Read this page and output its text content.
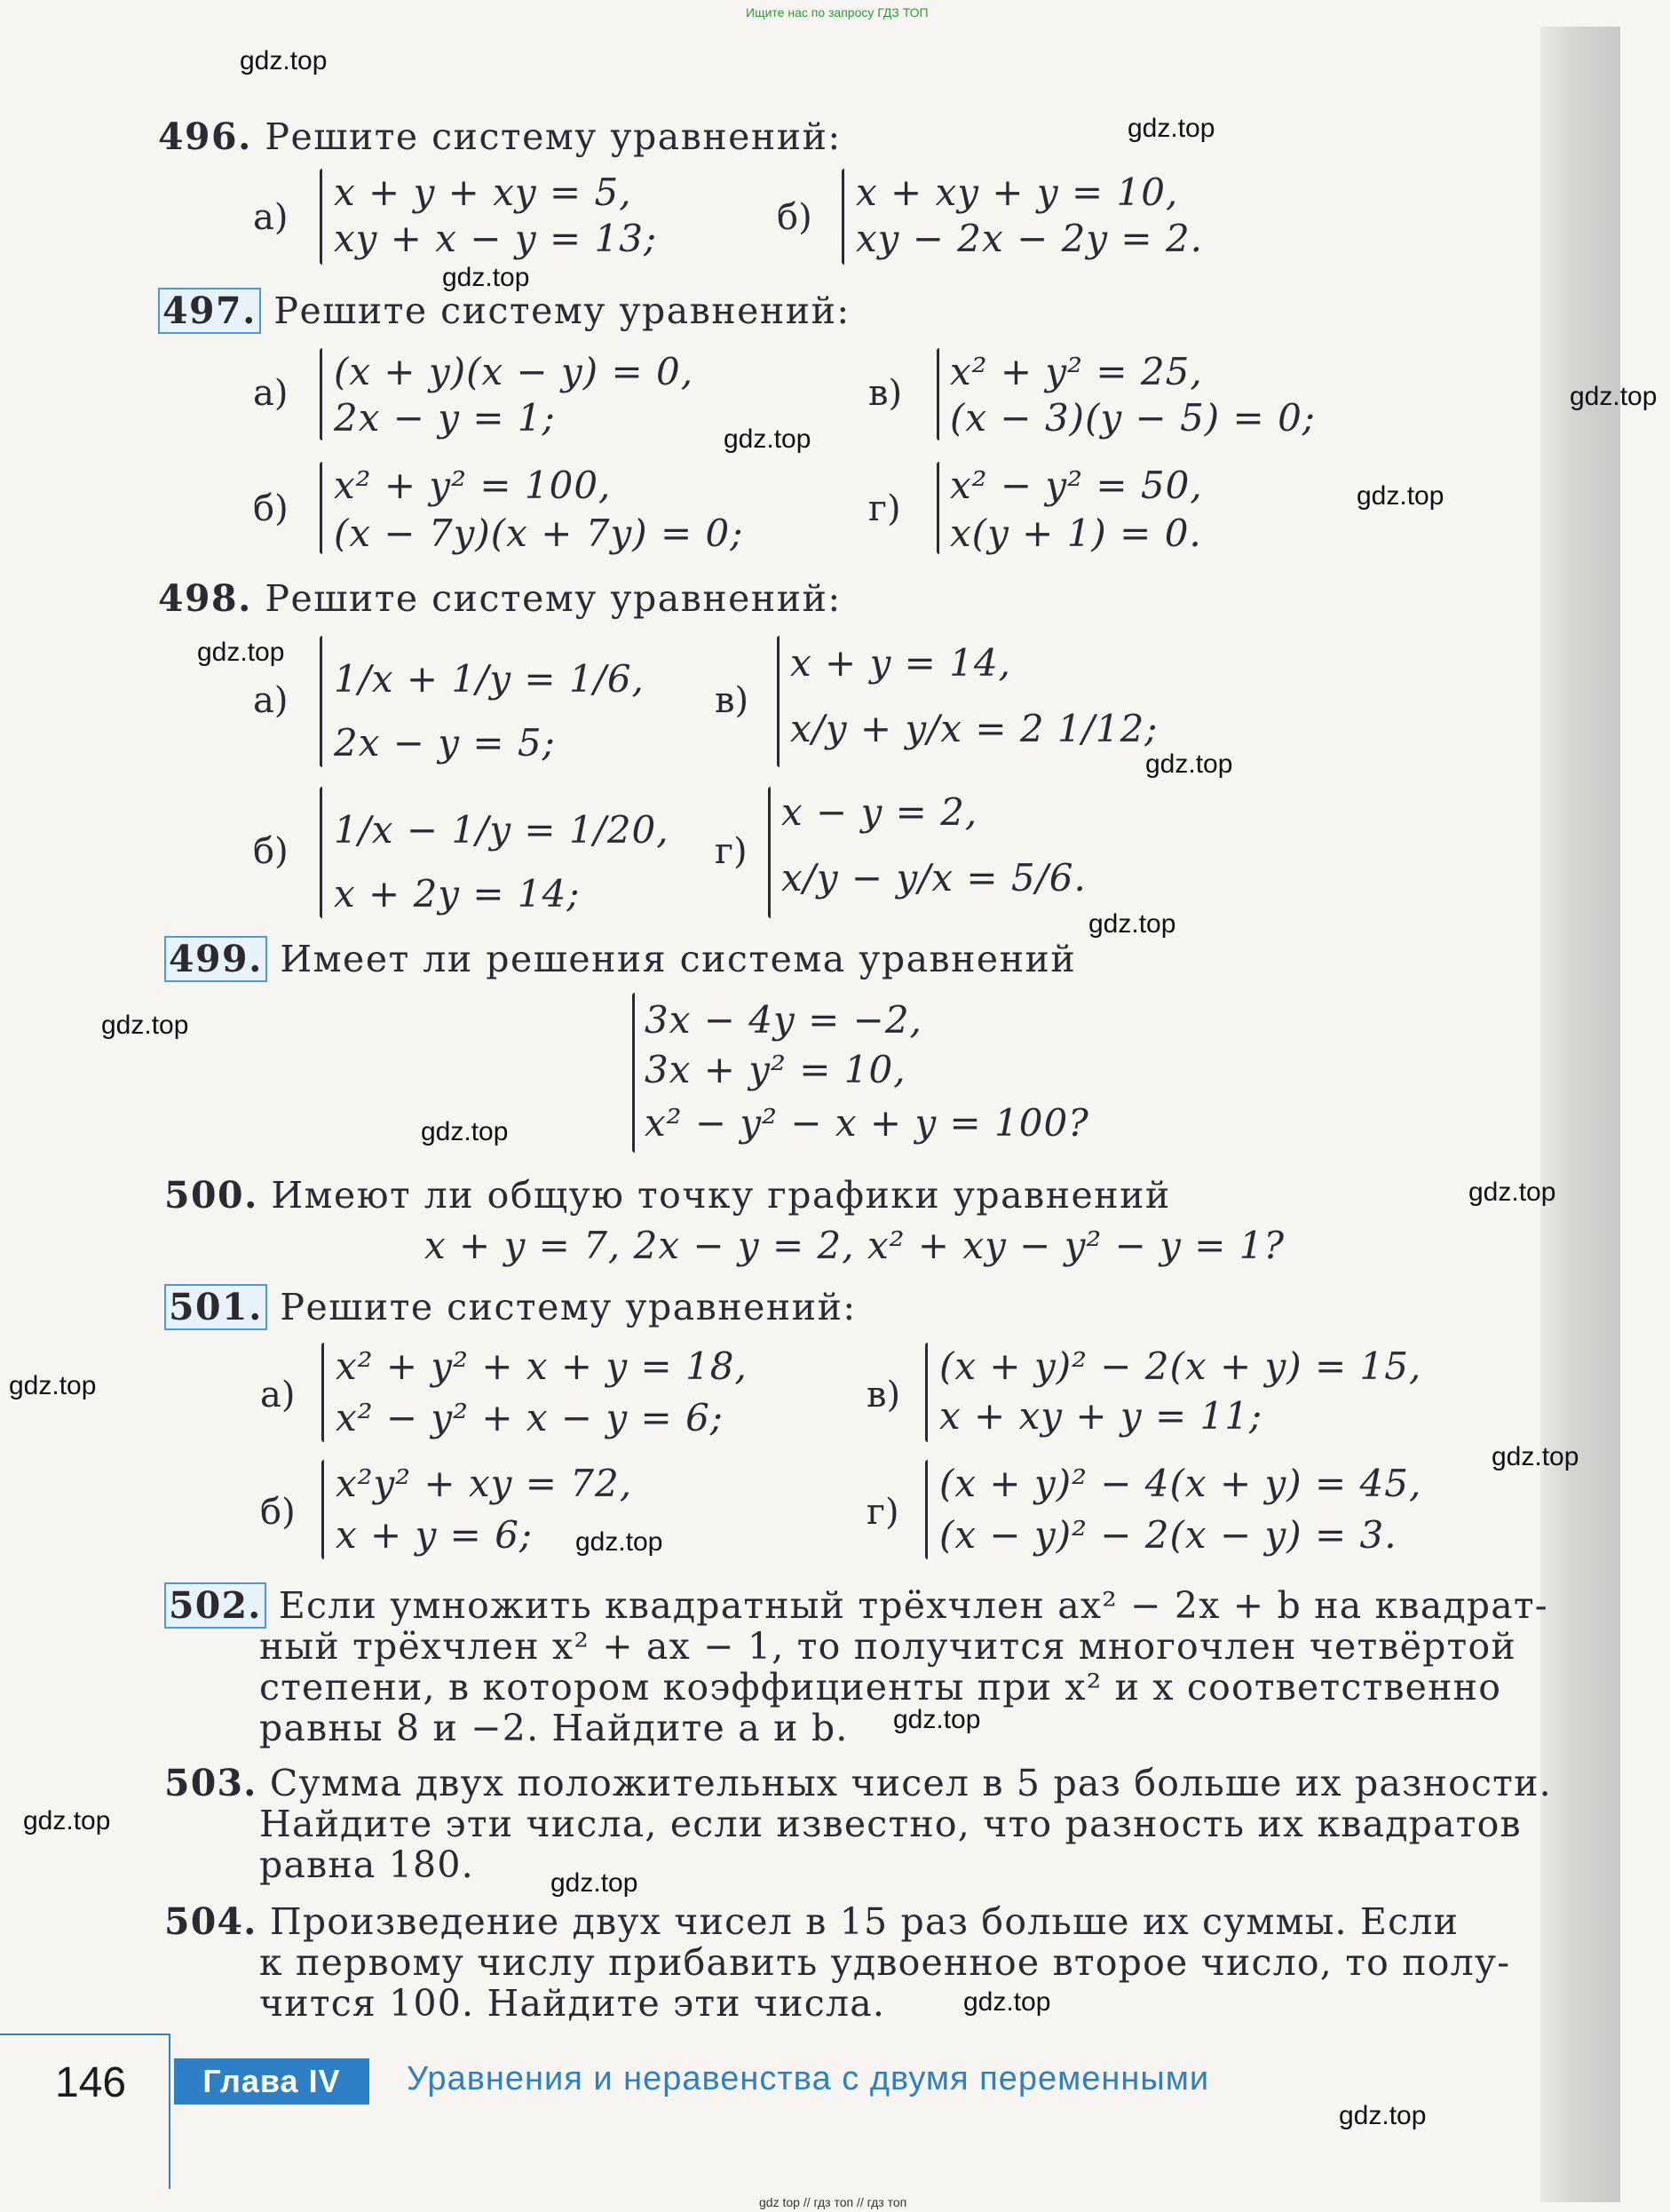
Ищите нас по запросу ГДЗ ТОП
496. Решите систему уравнений:
а)
x + y + xy = 5,
xy + x − y = 13;	б)
x + xy + y = 10,
xy − 2x − 2y = 2.
497. Решите систему уравнений:
а) (x + y)(x − y) = 0,
2x − y = 1;
в) x² + y² = 25,
(x − 3)(y − 5) = 0;
б)
x² + y² = 100,
(x − 7y)(x + 7y) = 0;
г)
x² − y² = 50,
x(y + 1) = 0.
498. Решите систему уравнений:
а) 1/x + 1/y = 1/6,
2x − y = 5;
в)
x + y = 14,
x/y + y/x = 2 1/12;
б) 1/x − 1/y = 1/20,
x + 2y = 14;
г)
x − y = 2,
x/y − y/x = 5/6.
499. Имеет ли решения система уравнений
3x − 4y = −2,
3x + y² = 10,
x² − y² − x + y = 100?
500. Имеют ли общую точку графики уравнений
x + y = 7, 2x − y = 2, x² + xy − y² − y = 1?
501. Решите систему уравнений:
а)
x² + y² + x + y = 18,
x² − y² + x − y = 6;
в)
(x + y)² − 2(x + y) = 15,
x + xy + y = 11;
б)
x²y² + xy = 72,
x + y = 6;
г)
(x + y)² − 4(x + y) = 45,
(x − y)² − 2(x − y) = 3.
502. Если умножить квадратный трёхчлен ax² − 2x + b на квадрат-
ный трёхчлен x² + ax − 1, то получится многочлен четвёртой
степени, в котором коэффициенты при x² и x соответственно
равны 8 и −2. Найдите a и b.
503. Сумма двух положительных чисел в 5 раз больше их разности.
Найдите эти числа, если известно, что разность их квадратов
равна 180.
504. Произведение двух чисел в 15 раз больше их суммы. Если
к первому числу прибавить удвоенное второе число, то полу-
чится 100. Найдите эти числа.
146	Глава IV	Уравнения и неравенства с двумя переменными
gdz top // гдз топ // гдз топ
gdz.top
gdz.top
gdz.top
gdz.top
gdz.top
gdz.top
gdz.top
gdz.top
gdz.top
gdz.top
gdz.top
gdz.top
gdz.top
gdz.top
gdz.top
gdz.top
gdz.top
gdz.top
gdz.top
gdz.top
